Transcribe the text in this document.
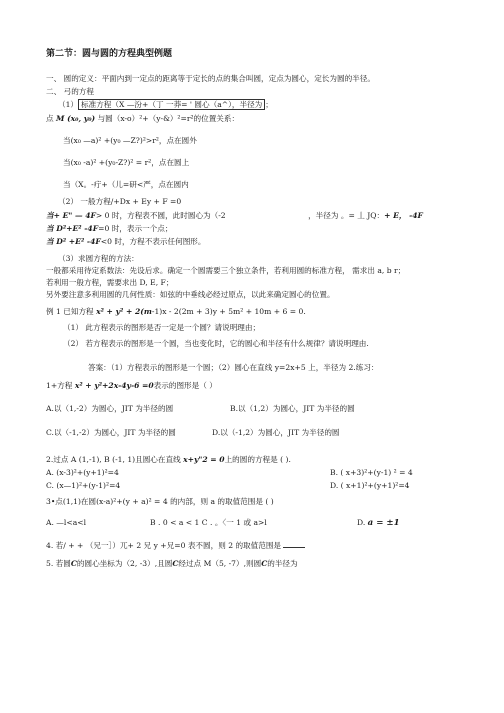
第二节：圆与圆的方程典型例题
一、 圆的定义：平面内到一定点的距离等于定长的点的集合叫圆，定点为圆心，定长为圆的半径。
二、 弓的方程
（1） 标准方程（X —汾+（丁 一莽= ' 圆心（a^），半径为 ；
点 M (x₀, y₀) 与圆（x-o）²+（y-&）²=r²的位置关系：
当(x₀ —a)² +(y₀ —Z?)²>r²，点在圆外
当(x₀ -a)² +(y₀-Z?)² = r²，点在圆上
当（X。-疔+（儿=研<严，点在圆内
（2） 一般方程/+Dx + Ey + F =0
当+ E" — 4F> 0 时，方程表不圆，此时圆心为（-2	，半径为 。= 丄 JQ：+ E， -4F
当 D²+E² -4F=0 时，表示一个点；
当 D² +E² -4F<0 时，方程不表示任何图形。
（3）求圆方程的方法：
一般都采用待定系数法：先设后求。确定一个圆需要三个独立条件，若利用圆的标准方程， 需求出 a, b r；
若利用一般方程，需要求出 D, E, F；
另外要注意多利用圆的几何性质：如弦的中垂线必经过原点，以此来确定圆心的位置。
例 1 已知方程 x² + y² + 2(m-1)x - 2(2m + 3)y + 5m² + 10m + 6 = 0.
（1） 此方程表示的图形是否一定是一个圆？请说明理由；
（2） 若方程表示的图形是一个圆，当也变化时，它的圆心和半径有什么规律？请说明理由.
答案：（1）方程表示的图形是一个圆；（2）圆心在直线 y=2x+5 上，半径为 2.练习：
1+方程 x² + y²+2x-4y-6 =0表示的图形是（ ）
A.以（1,-2）为圆心，JIT 为半径的圆	B.以（1,2）为圆心，JIT 为半径的圆
C.以（-1,-2）为圆心，JIT 为半径的圆	D.以（-1,2）为圆心，JIT 为半径的圆
2.过点 A (1,-1), B (-1, 1)且圆心在直线 x+y"2 = 0上的圆的方程是 ( ).
A. (x-3)²+(y+1)²=4	B. ( x+3)²+(y-1) ² = 4
C. (x—1)²+(y-1)²=4	D. ( x+1)²+(y+1)²=4
3•点(1,1)在圆(x-a)²+(y + a)² = 4 的内部，则 a 的取值范围是 ( )
A. —l<a<l	B . 0 < a < 1 C . 。〈一 1 或 a>l	D. a = ±1
4. 若/ + + （兄一］）兀+ 2 兄 y +兄=0 表不圆，则 2 的取值范围是
5. 若圆C的圆心坐标为（2, -3）,且圆C经过点 M（5, -7）,则圆C的半径为
